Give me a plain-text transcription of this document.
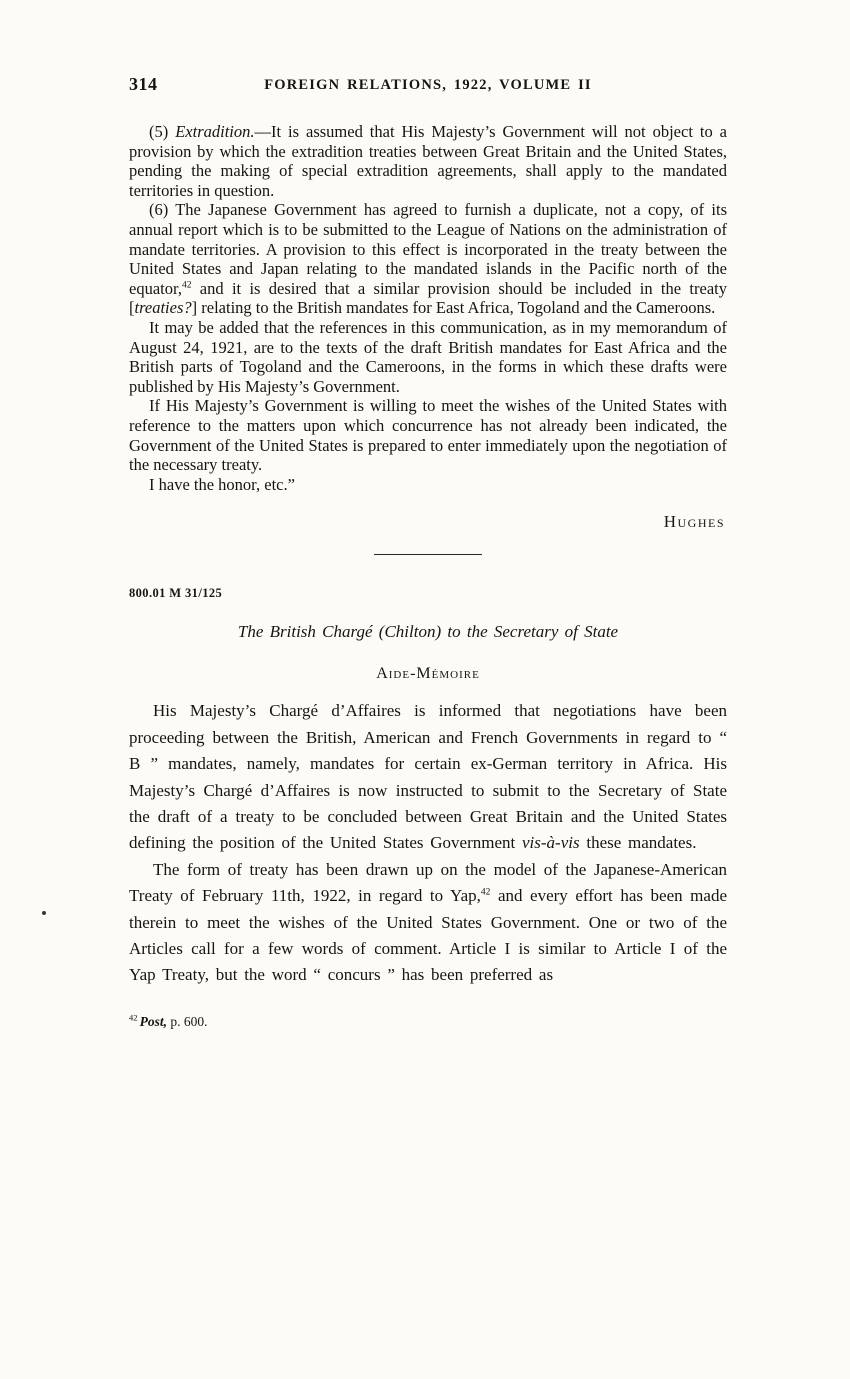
314	FOREIGN RELATIONS, 1922, VOLUME II

(5) Extradition.—It is assumed that His Majesty’s Government will not object to a provision by which the extradition treaties between Great Britain and the United States, pending the making of special extradition agreements, shall apply to the mandated territories in question.

(6) The Japanese Government has agreed to furnish a duplicate, not a copy, of its annual report which is to be submitted to the League of Nations on the administration of mandate territories. A provision to this effect is incorporated in the treaty between the United States and Japan relating to the mandated islands in the Pacific north of the equator,$^{42}$ and it is desired that a similar provision should be included in the treaty [treaties?] relating to the British mandates for East Africa, Togoland and the Cameroons.

It may be added that the references in this communication, as in my memorandum of August 24, 1921, are to the texts of the draft British mandates for East Africa and the British parts of Togoland and the Cameroons, in the forms in which these drafts were published by His Majesty’s Government.

If His Majesty’s Government is willing to meet the wishes of the United States with reference to the matters upon which concurrence has not already been indicated, the Government of the United States is prepared to enter immediately upon the negotiation of the necessary treaty.

I have the honor, etc.”

Hughes
800.01 M 31/125
The British Chargé (Chilton) to the Secretary of State
Aide-Mémoire

His Majesty’s Chargé d’Affaires is informed that negotiations have been proceeding between the British, American and French Governments in regard to “ B ” mandates, namely, mandates for certain ex-German territory in Africa. His Majesty’s Chargé d’Affaires is now instructed to submit to the Secretary of State the draft of a treaty to be concluded between Great Britain and the United States defining the position of the United States Government vis-à-vis these mandates.

The form of treaty has been drawn up on the model of the Japanese-American Treaty of February 11th, 1922, in regard to Yap,$^{42}$ and every effort has been made therein to meet the wishes of the United States Government. One or two of the Articles call for a few words of comment. Article I is similar to Article I of the Yap Treaty, but the word “ concurs ” has been preferred as

$^{42}$ Post, p. 600.
